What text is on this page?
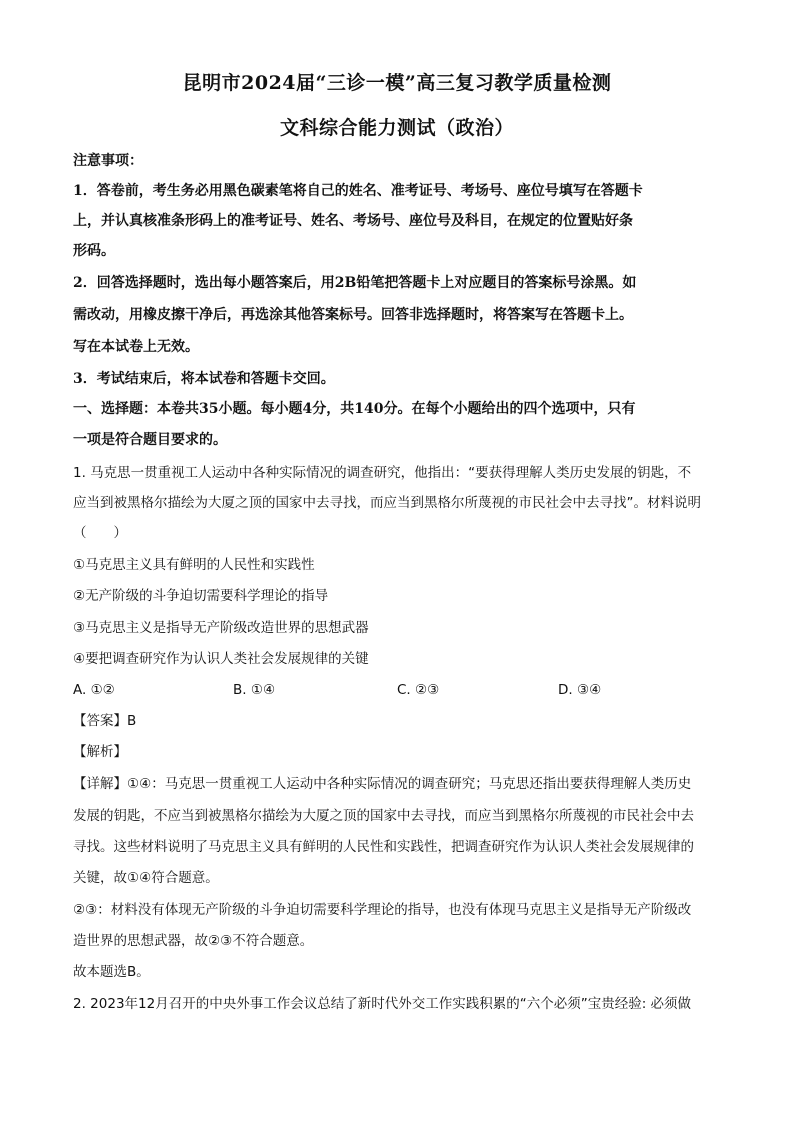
昆明市2024届“三诊一模”高三复习教学质量检测
文科综合能力测试（政治）
注意事项：
1．答卷前，考生务必用黑色碳素笔将自己的姓名、准考证号、考场号、座位号填写在答题卡
上，并认真核准条形码上的准考证号、姓名、考场号、座位号及科目，在规定的位置贴好条
形码。
2．回答选择题时，选出每小题答案后，用2B铅笔把答题卡上对应题目的答案标号涂黑。如
需改动，用橡皮擦干净后，再选涂其他答案标号。回答非选择题时，将答案写在答题卡上。
写在本试卷上无效。
3．考试结束后，将本试卷和答题卡交回。
一、选择题：本卷共35小题。每小题4分，共140分。在每个小题给出的四个选项中，只有
一项是符合题目要求的。
1. 马克思一贯重视工人运动中各种实际情况的调查研究，他指出：“要获得理解人类历史发展的钥匙，不
应当到被黑格尔描绘为大厦之顶的国家中去寻找，而应当到黑格尔所蔑视的市民社会中去寻找”。材料说明
（　　）
①马克思主义具有鲜明的人民性和实践性
②无产阶级的斗争迫切需要科学理论的指导
③马克思主义是指导无产阶级改造世界的思想武器
④要把调查研究作为认识人类社会发展规律的关键
A. ①②	B. ①④	C. ②③	D. ③④
【答案】B
【解析】
【详解】①④：马克思一贯重视工人运动中各种实际情况的调查研究；马克思还指出要获得理解人类历史
发展的钥匙，不应当到被黑格尔描绘为大厦之顶的国家中去寻找，而应当到黑格尔所蔑视的市民社会中去
寻找。这些材料说明了马克思主义具有鲜明的人民性和实践性，把调查研究作为认识人类社会发展规律的
关键，故①④符合题意。
②③：材料没有体现无产阶级的斗争迫切需要科学理论的指导，也没有体现马克思主义是指导无产阶级改
造世界的思想武器，故②③不符合题意。
故本题选B。
2. 2023年12月召开的中央外事工作会议总结了新时代外交工作实践积累的“六个必须”宝贵经验: 必须做
